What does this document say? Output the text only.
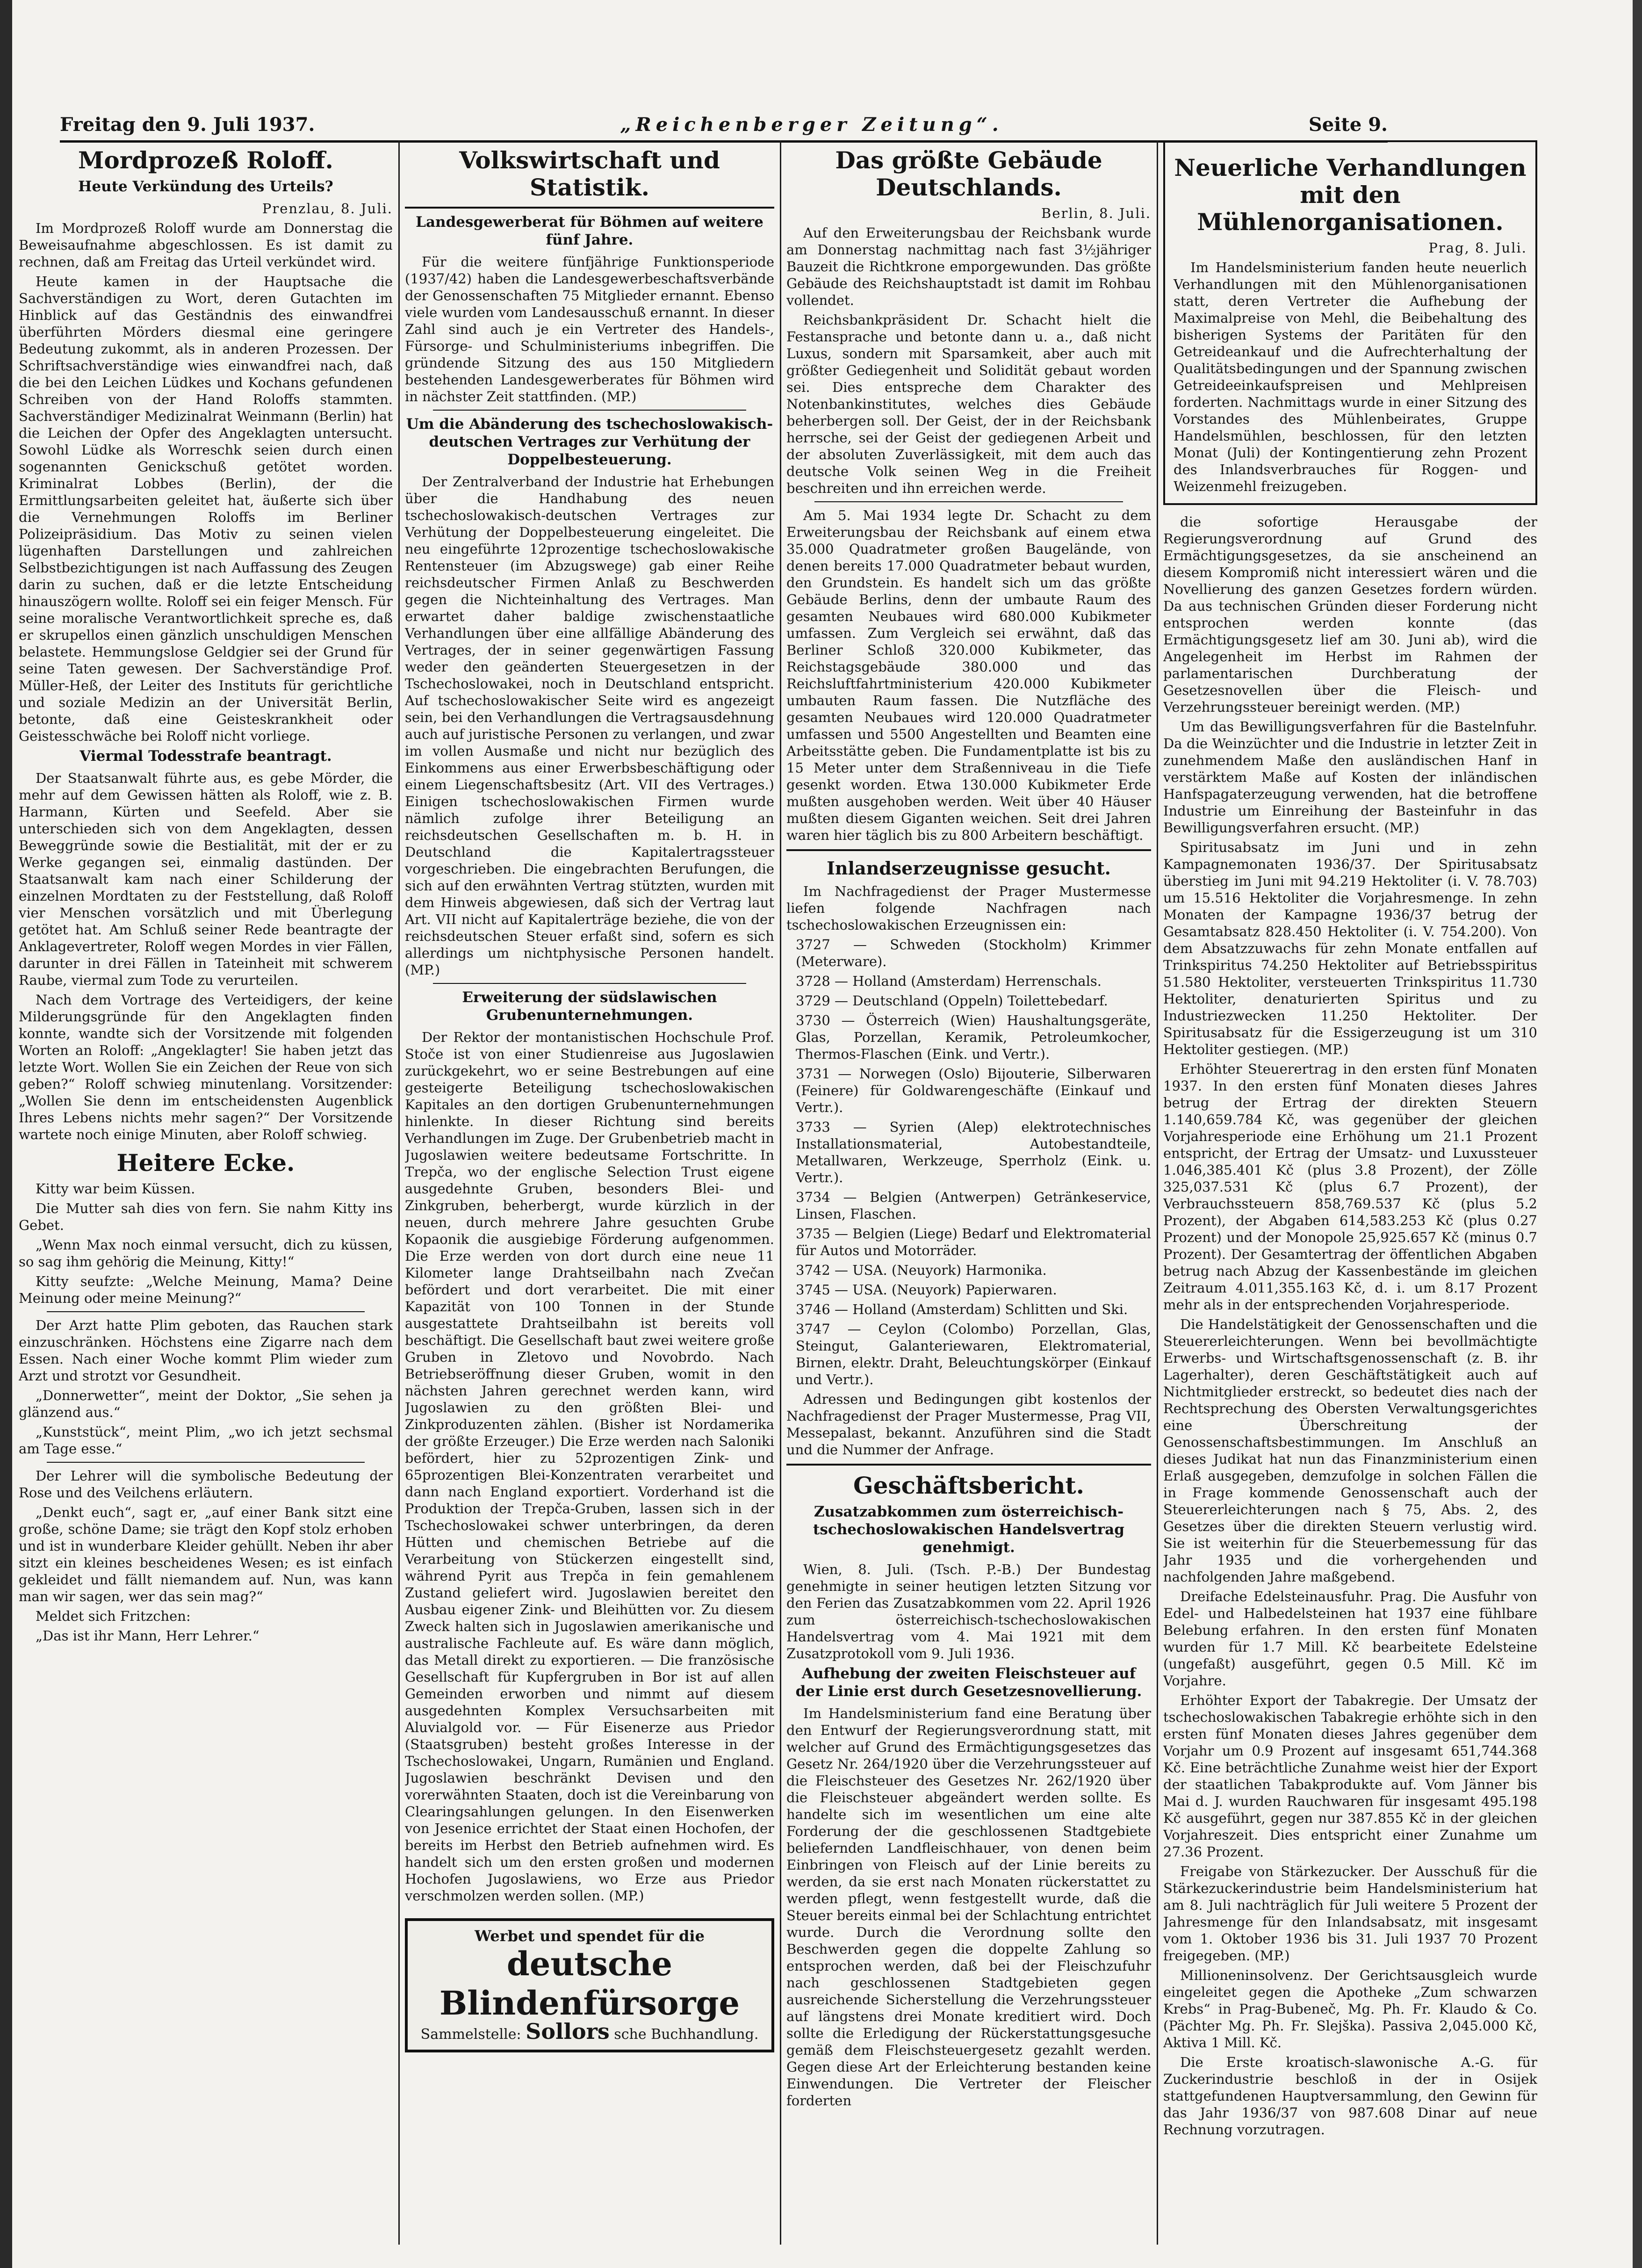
Freitag den 9. Juli 1937.	„Reichenberger Zeitung“.	Seite 9.
Mordprozeß Roloff.
Heute Verkündung des Urteils?
Prenzlau, 8. Juli.

Im Mordprozeß Roloff wurde am Donnerstag die Beweisaufnahme abgeschlossen. Es ist damit zu rechnen, daß am Freitag das Urteil verkündet wird.

Heute kamen in der Hauptsache die Sachverständigen zu Wort, deren Gutachten im Hinblick auf das Geständnis des einwandfrei überführten Mörders diesmal eine geringere Bedeutung zukommt, als in anderen Prozessen. Der Schriftsachverständige wies einwandfrei nach, daß die bei den Leichen Lüdkes und Kochans gefundenen Schreiben von der Hand Roloffs stammten. Sachverständiger Medizinalrat Weinmann (Berlin) hat die Leichen der Opfer des Angeklagten untersucht. Sowohl Lüdke als Worreschk seien durch einen sogenannten Genickschuß getötet worden. Kriminalrat Lobbes (Berlin), der die Ermittlungsarbeiten geleitet hat, äußerte sich über die Vernehmungen Roloffs im Berliner Polizeipräsidium. Das Motiv zu seinen vielen lügenhaften Darstellungen und zahlreichen Selbstbezichtigungen ist nach Auffassung des Zeugen darin zu suchen, daß er die letzte Entscheidung hinauszögern wollte. Roloff sei ein feiger Mensch. Für seine moralische Verantwortlichkeit spreche es, daß er skrupellos einen gänzlich unschuldigen Menschen belastete. Hemmungslose Geldgier sei der Grund für seine Taten gewesen. Der Sachverständige Prof. Müller-Heß, der Leiter des Instituts für gerichtliche und soziale Medizin an der Universität Berlin, betonte, daß eine Geisteskrankheit oder Geistesschwäche bei Roloff nicht vorliege.

Viermal Todesstrafe beantragt.

Der Staatsanwalt führte aus, es gebe Mörder, die mehr auf dem Gewissen hätten als Roloff, wie z. B. Harmann, Kürten und Seefeld. Aber sie unterschieden sich von dem Angeklagten, dessen Beweggründe sowie die Bestialität, mit der er zu Werke gegangen sei, einmalig dastünden. Der Staatsanwalt kam nach einer Schilderung der einzelnen Mordtaten zu der Feststellung, daß Roloff vier Menschen vorsätzlich und mit Überlegung getötet hat. Am Schluß seiner Rede beantragte der Anklagevertreter, Roloff wegen Mordes in vier Fällen, darunter in drei Fällen in Tateinheit mit schwerem Raube, viermal zum Tode zu verurteilen.

Nach dem Vortrage des Verteidigers, der keine Milderungsgründe für den Angeklagten finden konnte, wandte sich der Vorsitzende mit folgenden Worten an Roloff: „Angeklagter! Sie haben jetzt das letzte Wort. Wollen Sie ein Zeichen der Reue von sich geben?“ Roloff schwieg minutenlang. Vorsitzender: „Wollen Sie denn im entscheidensten Augenblick Ihres Lebens nichts mehr sagen?“ Der Vorsitzende wartete noch einige Minuten, aber Roloff schwieg.

Heitere Ecke.

Kitty war beim Küssen.

Die Mutter sah dies von fern. Sie nahm Kitty ins Gebet.

„Wenn Max noch einmal versucht, dich zu küssen, so sag ihm gehörig die Meinung, Kitty!“

Kitty seufzte: „Welche Meinung, Mama? Deine Meinung oder meine Meinung?“

Der Arzt hatte Plim geboten, das Rauchen stark einzuschränken. Höchstens eine Zigarre nach dem Essen. Nach einer Woche kommt Plim wieder zum Arzt und strotzt vor Gesundheit.

„Donnerwetter“, meint der Doktor, „Sie sehen ja glänzend aus.“

„Kunststück“, meint Plim, „wo ich jetzt sechsmal am Tage esse.“

Der Lehrer will die symbolische Bedeutung der Rose und des Veilchens erläutern.

„Denkt euch“, sagt er, „auf einer Bank sitzt eine große, schöne Dame; sie trägt den Kopf stolz erhoben und ist in wunderbare Kleider gehüllt. Neben ihr aber sitzt ein kleines bescheidenes Wesen; es ist einfach gekleidet und fällt niemandem auf. Nun, was kann man wir sagen, wer das sein mag?“

Meldet sich Fritzchen:

„Das ist ihr Mann, Herr Lehrer.“

Volkswirtschaft und Statistik.
Landesgewerberat für Böhmen auf weitere fünf Jahre.

Für die weitere fünfjährige Funktionsperiode (1937/42) haben die Landesgewerbeschaftsverbände der Genossenschaften 75 Mitglieder ernannt. Ebenso viele wurden vom Landesausschuß ernannt. In dieser Zahl sind auch je ein Vertreter des Handels-, Fürsorge- und Schulministeriums inbegriffen. Die gründende Sitzung des aus 150 Mitgliedern bestehenden Landesgewerberates für Böhmen wird in nächster Zeit stattfinden. (MP.)

Um die Abänderung des tschechoslowakisch-deutschen Vertrages zur Verhütung der Doppelbesteuerung.

Der Zentralverband der Industrie hat Erhebungen über die Handhabung des neuen tschechoslowakisch-deutschen Vertrages zur Verhütung der Doppelbesteuerung eingeleitet. Die neu eingeführte 12prozentige tschechoslowakische Rentensteuer (im Abzugswege) gab einer Reihe reichsdeutscher Firmen Anlaß zu Beschwerden gegen die Nichteinhaltung des Vertrages. Man erwartet daher baldige zwischenstaatliche Verhandlungen über eine allfällige Abänderung des Vertrages, der in seiner gegenwärtigen Fassung weder den geänderten Steuergesetzen in der Tschechoslowakei, noch in Deutschland entspricht. Auf tschechoslowakischer Seite wird es angezeigt sein, bei den Verhandlungen die Vertragsausdehnung auch auf juristische Personen zu verlangen, und zwar im vollen Ausmaße und nicht nur bezüglich des Einkommens aus einer Erwerbsbeschäftigung oder einem Liegenschaftsbesitz (Art. VII des Vertrages.) Einigen tschechoslowakischen Firmen wurde nämlich zufolge ihrer Beteiligung an reichsdeutschen Gesellschaften m. b. H. in Deutschland die Kapitalertragssteuer vorgeschrieben. Die eingebrachten Berufungen, die sich auf den erwähnten Vertrag stützten, wurden mit dem Hinweis abgewiesen, daß sich der Vertrag laut Art. VII nicht auf Kapitalerträge beziehe, die von der reichsdeutschen Steuer erfaßt sind, sofern es sich allerdings um nichtphysische Personen handelt. (MP.)

Erweiterung der südslawischen Grubenunternehmungen.

Der Rektor der montanistischen Hochschule Prof. Stoče ist von einer Studienreise aus Jugoslawien zurückgekehrt, wo er seine Bestrebungen auf eine gesteigerte Beteiligung tschechoslowakischen Kapitales an den dortigen Grubenunternehmungen hinlenkte. In dieser Richtung sind bereits Verhandlungen im Zuge. Der Grubenbetrieb macht in Jugoslawien weitere bedeutsame Fortschritte. In Trepča, wo der englische Selection Trust eigene ausgedehnte Gruben, besonders Blei- und Zinkgruben, beherbergt, wurde kürzlich in der neuen, durch mehrere Jahre gesuchten Grube Kopaonik die ausgiebige Förderung aufgenommen. Die Erze werden von dort durch eine neue 11 Kilometer lange Drahtseilbahn nach Zvečan befördert und dort verarbeitet. Die mit einer Kapazität von 100 Tonnen in der Stunde ausgestattete Drahtseilbahn ist bereits voll beschäftigt. Die Gesellschaft baut zwei weitere große Gruben in Zletovo und Novobrdo. Nach Betriebseröffnung dieser Gruben, womit in den nächsten Jahren gerechnet werden kann, wird Jugoslawien zu den größten Blei- und Zinkproduzenten zählen. (Bisher ist Nordamerika der größte Erzeuger.) Die Erze werden nach Saloniki befördert, hier zu 52prozentigen Zink- und 65prozentigen Blei-Konzentraten verarbeitet und dann nach England exportiert. Vorderhand ist die Produktion der Trepča-Gruben, lassen sich in der Tschechoslowakei schwer unterbringen, da deren Hütten und chemischen Betriebe auf die Verarbeitung von Stückerzen eingestellt sind, während Pyrit aus Trepča in fein gemahlenem Zustand geliefert wird. Jugoslawien bereitet den Ausbau eigener Zink- und Bleihütten vor. Zu diesem Zweck halten sich in Jugoslawien amerikanische und australische Fachleute auf. Es wäre dann möglich, das Metall direkt zu exportieren. — Die französische Gesellschaft für Kupfergruben in Bor ist auf allen Gemeinden erworben und nimmt auf diesem ausgedehnten Komplex Versuchsarbeiten mit Aluvialgold vor. — Für Eisenerze aus Priedor (Staatsgruben) besteht großes Interesse in der Tschechoslowakei, Ungarn, Rumänien und England. Jugoslawien beschränkt Devisen und den vorerwähnten Staaten, doch ist die Vereinbarung von Clearingsahlungen gelungen. In den Eisenwerken von Jesenice errichtet der Staat einen Hochofen, der bereits im Herbst den Betrieb aufnehmen wird. Es handelt sich um den ersten großen und modernen Hochofen Jugoslawiens, wo Erze aus Priedor verschmolzen werden sollen. (MP.)

Werbet und spendet für die
deutsche Blindenfürsorge
Sammelstelle: Sollors sche Buchhandlung.
Das größte Gebäude Deutschlands.
Berlin, 8. Juli.

Auf den Erweiterungsbau der Reichsbank wurde am Donnerstag nachmittag nach fast 3½jähriger Bauzeit die Richtkrone emporgewunden. Das größte Gebäude des Reichshauptstadt ist damit im Rohbau vollendet.

Reichsbankpräsident Dr. Schacht hielt die Festansprache und betonte dann u. a., daß nicht Luxus, sondern mit Sparsamkeit, aber auch mit größter Gediegenheit und Solidität gebaut worden sei. Dies entspreche dem Charakter des Notenbankinstitutes, welches dies Gebäude beherbergen soll. Der Geist, der in der Reichsbank herrsche, sei der Geist der gediegenen Arbeit und der absoluten Zuverlässigkeit, mit dem auch das deutsche Volk seinen Weg in die Freiheit beschreiten und ihn erreichen werde.

Am 5. Mai 1934 legte Dr. Schacht zu dem Erweiterungsbau der Reichsbank auf einem etwa 35.000 Quadratmeter großen Baugelände, von denen bereits 17.000 Quadratmeter bebaut wurden, den Grundstein. Es handelt sich um das größte Gebäude Berlins, denn der umbaute Raum des gesamten Neubaues wird 680.000 Kubikmeter umfassen. Zum Vergleich sei erwähnt, daß das Berliner Schloß 320.000 Kubikmeter, das Reichstagsgebäude 380.000 und das Reichsluftfahrtministerium 420.000 Kubikmeter umbauten Raum fassen. Die Nutzfläche des gesamten Neubaues wird 120.000 Quadratmeter umfassen und 5500 Angestellten und Beamten eine Arbeitsstätte geben. Die Fundamentplatte ist bis zu 15 Meter unter dem Straßenniveau in die Tiefe gesenkt worden. Etwa 130.000 Kubikmeter Erde mußten ausgehoben werden. Weit über 40 Häuser mußten diesem Giganten weichen. Seit drei Jahren waren hier täglich bis zu 800 Arbeitern beschäftigt.

Inlandserzeugnisse gesucht.

Im Nachfragedienst der Prager Mustermesse liefen folgende Nachfragen nach tschechoslowakischen Erzeugnissen ein:

3727 — Schweden (Stockholm) Krimmer (Meterware).

3728 — Holland (Amsterdam) Herrenschals.

3729 — Deutschland (Oppeln) Toilettebedarf.

3730 — Österreich (Wien) Haushaltungsgeräte, Glas, Porzellan, Keramik, Petroleumkocher, Thermos-Flaschen (Eink. und Vertr.).

3731 — Norwegen (Oslo) Bijouterie, Silberwaren (Feinere) für Goldwarengeschäfte (Einkauf und Vertr.).

3733 — Syrien (Alep) elektrotechnisches Installationsmaterial, Autobestandteile, Metallwaren, Werkzeuge, Sperrholz (Eink. u. Vertr.).

3734 — Belgien (Antwerpen) Getränkeservice, Linsen, Flaschen.

3735 — Belgien (Liege) Bedarf und Elektromaterial für Autos und Motorräder.

3742 — USA. (Neuyork) Harmonika.

3745 — USA. (Neuyork) Papierwaren.

3746 — Holland (Amsterdam) Schlitten und Ski.

3747 — Ceylon (Colombo) Porzellan, Glas, Steingut, Galanteriewaren, Elektromaterial, Birnen, elektr. Draht, Beleuchtungskörper (Einkauf und Vertr.).

Adressen und Bedingungen gibt kostenlos der Nachfragedienst der Prager Mustermesse, Prag VII, Messepalast, bekannt. Anzuführen sind die Stadt und die Nummer der Anfrage.

Geschäftsbericht.
Zusatzabkommen zum österreichisch-tschechoslowakischen Handelsvertrag genehmigt.

Wien, 8. Juli. (Tsch. P.-B.) Der Bundestag genehmigte in seiner heutigen letzten Sitzung vor den Ferien das Zusatzabkommen vom 22. April 1926 zum österreichisch-tschechoslowakischen Handelsvertrag vom 4. Mai 1921 mit dem Zusatzprotokoll vom 9. Juli 1936.

Aufhebung der zweiten Fleischsteuer auf der Linie erst durch Gesetzesnovellierung.

Im Handelsministerium fand eine Beratung über den Entwurf der Regierungsverordnung statt, mit welcher auf Grund des Ermächtigungsgesetzes das Gesetz Nr. 264/1920 über die Verzehrungssteuer auf die Fleischsteuer des Gesetzes Nr. 262/1920 über die Fleischsteuer abgeändert werden sollte. Es handelte sich im wesentlichen um eine alte Forderung der die geschlossenen Stadtgebiete beliefernden Landfleischhauer, von denen beim Einbringen von Fleisch auf der Linie bereits zu werden, da sie erst nach Monaten rückerstattet zu werden pflegt, wenn festgestellt wurde, daß die Steuer bereits einmal bei der Schlachtung entrichtet wurde. Durch die Verordnung sollte den Beschwerden gegen die doppelte Zahlung so entsprochen werden, daß bei der Fleischzufuhr nach geschlossenen Stadtgebieten gegen ausreichende Sicherstellung die Verzehrungssteuer auf längstens drei Monate kreditiert wird. Doch sollte die Erledigung der Rückerstattungsgesuche gemäß dem Fleischsteuergesetz gezahlt werden. Gegen diese Art der Erleichterung bestanden keine Einwendungen. Die Vertreter der Fleischer forderten

Neuerliche Verhandlungen mit den Mühlenorganisationen.
Prag, 8. Juli.

Im Handelsministerium fanden heute neuerlich Verhandlungen mit den Mühlenorganisationen statt, deren Vertreter die Aufhebung der Maximalpreise von Mehl, die Beibehaltung des bisherigen Systems der Paritäten für den Getreideankauf und die Aufrechterhaltung der Qualitätsbedingungen und der Spannung zwischen Getreideeinkaufspreisen und Mehlpreisen forderten. Nachmittags wurde in einer Sitzung des Vorstandes des Mühlenbeirates, Gruppe Handelsmühlen, beschlossen, für den letzten Monat (Juli) der Kontingentierung zehn Prozent des Inlandsverbrauches für Roggen- und Weizenmehl freizugeben.

die sofortige Herausgabe der Regierungsverordnung auf Grund des Ermächtigungsgesetzes, da sie anscheinend an diesem Kompromiß nicht interessiert wären und die Novellierung des ganzen Gesetzes fordern würden. Da aus technischen Gründen dieser Forderung nicht entsprochen werden konnte (das Ermächtigungsgesetz lief am 30. Juni ab), wird die Angelegenheit im Herbst im Rahmen der parlamentarischen Durchberatung der Gesetzesnovellen über die Fleisch- und Verzehrungssteuer bereinigt werden. (MP.)

Um das Bewilligungsverfahren für die Bastelnfuhr. Da die Weinzüchter und die Industrie in letzter Zeit in zunehmendem Maße den ausländischen Hanf in verstärktem Maße auf Kosten der inländischen Hanfspagaterzeugung verwenden, hat die betroffene Industrie um Einreihung der Basteinfuhr in das Bewilligungsverfahren ersucht. (MP.)

Spiritusabsatz im Juni und in zehn Kampagnemonaten 1936/37. Der Spiritusabsatz überstieg im Juni mit 94.219 Hektoliter (i. V. 78.703) um 15.516 Hektoliter die Vorjahresmenge. In zehn Monaten der Kampagne 1936/37 betrug der Gesamtabsatz 828.450 Hektoliter (i. V. 754.200). Von dem Absatzzuwachs für zehn Monate entfallen auf Trinkspiritus 74.250 Hektoliter auf Betriebsspiritus 51.580 Hektoliter, versteuerten Trinkspiritus 11.730 Hektoliter, denaturierten Spiritus und zu Industriezwecken 11.250 Hektoliter. Der Spiritusabsatz für die Essigerzeugung ist um 310 Hektoliter gestiegen. (MP.)

Erhöhter Steuerertrag in den ersten fünf Monaten 1937. In den ersten fünf Monaten dieses Jahres betrug der Ertrag der direkten Steuern 1.140,659.784 Kč, was gegenüber der gleichen Vorjahresperiode eine Erhöhung um 21.1 Prozent entspricht, der Ertrag der Umsatz- und Luxussteuer 1.046,385.401 Kč (plus 3.8 Prozent), der Zölle 325,037.531 Kč (plus 6.7 Prozent), der Verbrauchssteuern 858,769.537 Kč (plus 5.2 Prozent), der Abgaben 614,583.253 Kč (plus 0.27 Prozent) und der Monopole 25,925.657 Kč (minus 0.7 Prozent). Der Gesamtertrag der öffentlichen Abgaben betrug nach Abzug der Kassenbestände im gleichen Zeitraum 4.011,355.163 Kč, d. i. um 8.17 Prozent mehr als in der entsprechenden Vorjahresperiode.

Die Handelstätigkeit der Genossenschaften und die Steuererleichterungen. Wenn bei bevollmächtigte Erwerbs- und Wirtschaftsgenossenschaft (z. B. ihr Lagerhalter), deren Geschäftstätigkeit auch auf Nichtmitglieder erstreckt, so bedeutet dies nach der Rechtsprechung des Obersten Verwaltungsgerichtes eine Überschreitung der Genossenschaftsbestimmungen. Im Anschluß an dieses Judikat hat nun das Finanzministerium einen Erlaß ausgegeben, demzufolge in solchen Fällen die in Frage kommende Genossenschaft auch der Steuererleichterungen nach § 75, Abs. 2, des Gesetzes über die direkten Steuern verlustig wird. Sie ist weiterhin für die Steuerbemessung für das Jahr 1935 und die vorhergehenden und nachfolgenden Jahre maßgebend.

Dreifache Edelsteinausfuhr. Prag. Die Ausfuhr von Edel- und Halbedelsteinen hat 1937 eine fühlbare Belebung erfahren. In den ersten fünf Monaten wurden für 1.7 Mill. Kč bearbeitete Edelsteine (ungefaßt) ausgeführt, gegen 0.5 Mill. Kč im Vorjahre.

Erhöhter Export der Tabakregie. Der Umsatz der tschechoslowakischen Tabakregie erhöhte sich in den ersten fünf Monaten dieses Jahres gegenüber dem Vorjahr um 0.9 Prozent auf insgesamt 651,744.368 Kč. Eine beträchtliche Zunahme weist hier der Export der staatlichen Tabakprodukte auf. Vom Jänner bis Mai d. J. wurden Rauchwaren für insgesamt 495.198 Kč ausgeführt, gegen nur 387.855 Kč in der gleichen Vorjahreszeit. Dies entspricht einer Zunahme um 27.36 Prozent.

Freigabe von Stärkezucker. Der Ausschuß für die Stärkezuckerindustrie beim Handelsministerium hat am 8. Juli nachträglich für Juli weitere 5 Prozent der Jahresmenge für den Inlandsabsatz, mit insgesamt vom 1. Oktober 1936 bis 31. Juli 1937 70 Prozent freigegeben. (MP.)

Millioneninsolvenz. Der Gerichtsausgleich wurde eingeleitet gegen die Apotheke „Zum schwarzen Krebs“ in Prag-Bubeneč, Mg. Ph. Fr. Klaudo & Co. (Pächter Mg. Ph. Fr. Slejška). Passiva 2,045.000 Kč, Aktiva 1 Mill. Kč.

Die Erste kroatisch-slawonische A.-G. für Zuckerindustrie beschloß in der in Osijek stattgefundenen Hauptversammlung, den Gewinn für das Jahr 1936/37 von 987.608 Dinar auf neue Rechnung vorzutragen.
